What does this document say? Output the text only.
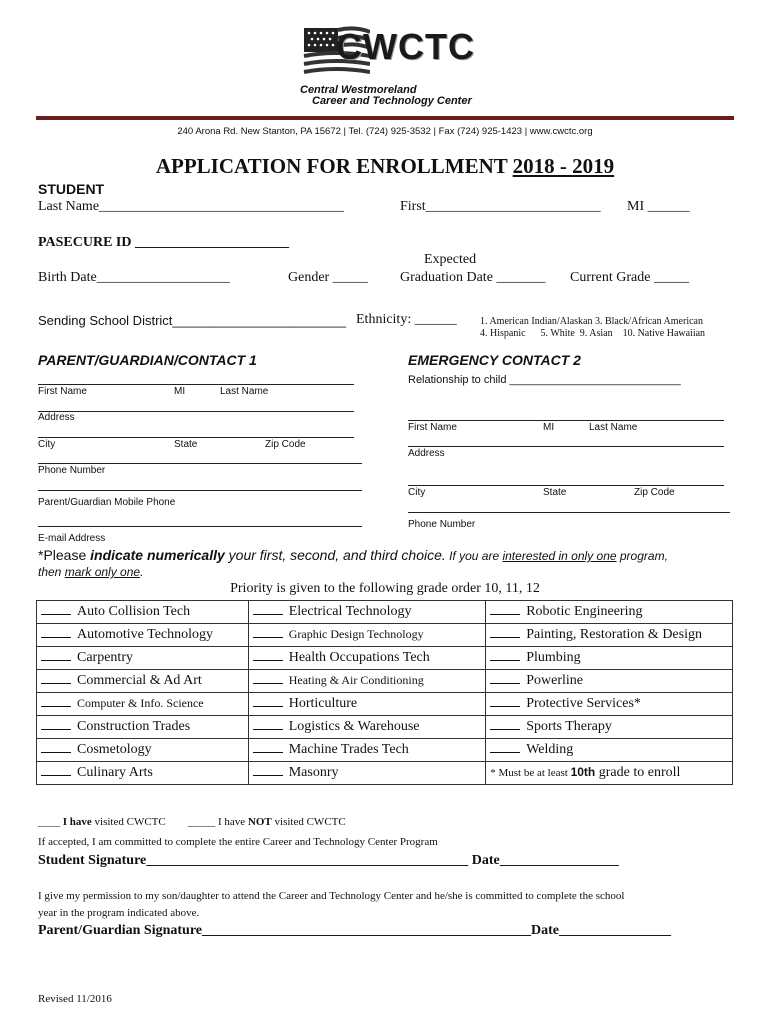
CWCTC
Central Westmoreland
Career and Technology Center
240 Arona Rd. New Stanton, PA 15672 | Tel. (724) 925-3532 | Fax (724) 925-1423 | www.cwctc.org
APPLICATION FOR ENROLLMENT 2018 - 2019
STUDENT
Last Name___________________________________	First_________________________ MI ______
PASECURE ID ______________________
Expected
Birth Date___________________	Gender _____ Graduation Date _______ Current Grade _____
Sending School District________________________ Ethnicity: ______ 1. American Indian/Alaskan 3. Black/African American
4. Hispanic      5. White  9. Asian    10. Native Hawaiian
PARENT/GUARDIAN/CONTACT 1
First Name	MI	Last Name
Address
City	State	Zip Code
Phone Number
Parent/Guardian Mobile Phone
E-mail Address
EMERGENCY CONTACT 2
Relationship to child ____________________________
First Name	MI	Last Name
Address
City	State	Zip Code
Phone Number
*Please indicate numerically your first, second, and third choice. If you are interested in only one program,
then mark only one.
Priority is given to the following grade order 10, 11, 12
Auto Collision Tech	Electrical Technology	Robotic Engineering
Automotive Technology	Graphic Design Technology	Painting, Restoration & Design
Carpentry	Health Occupations Tech	Plumbing
Commercial & Ad Art	Heating & Air Conditioning	Powerline
Computer & Info. Science	Horticulture	Protective Services*
Construction Trades	Logistics & Warehouse	Sports Therapy
Cosmetology	Machine Trades Tech	Welding
Culinary Arts	Masonry	* Must be at least 10th grade to enroll
____ I have visited CWCTC _____ I have NOT visited CWCTC
If accepted, I am committed to complete the entire Career and Technology Center Program
Student Signature______________________________________________ Date_________________
I give my permission to my son/daughter to attend the Career and Technology Center and he/she is committed to complete the school
year in the program indicated above.
Parent/Guardian Signature_______________________________________________Date________________
Revised 11/2016
